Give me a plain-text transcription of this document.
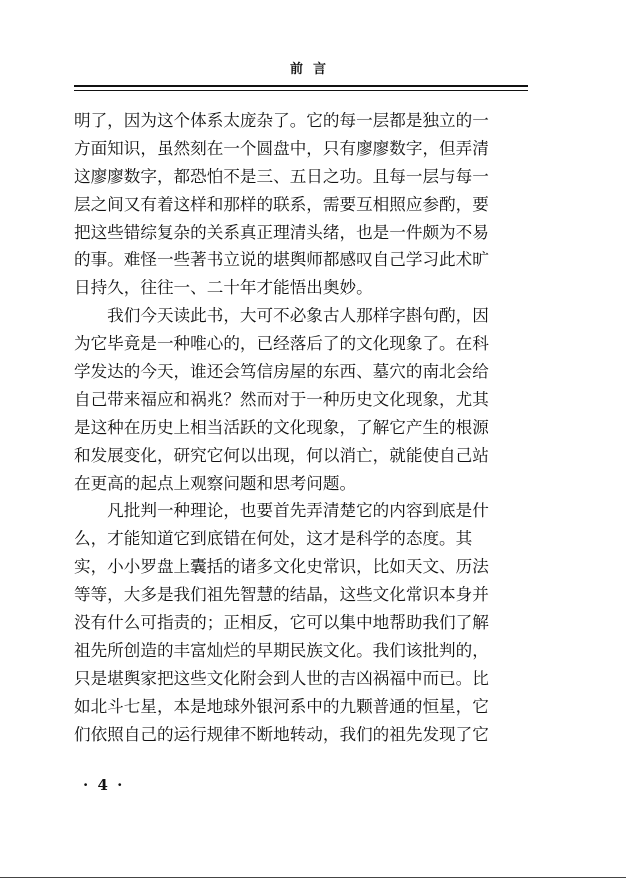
前言
明了，因为这个体系太庞杂了。它的每一层都是独立的一
方面知识，虽然刻在一个圆盘中，只有廖廖数字，但弄清
这廖廖数字，都恐怕不是三、五日之功。且每一层与每一
层之间又有着这样和那样的联系，需要互相照应参酌，要
把这些错综复杂的关系真正理清头绪，也是一件颇为不易
的事。难怪一些著书立说的堪舆师都感叹自己学习此术旷
日持久，往往一、二十年才能悟出奥妙。
　　我们今天读此书，大可不必象古人那样字斟句酌，因
为它毕竟是一种唯心的，已经落后了的文化现象了。在科
学发达的今天，谁还会笃信房屋的东西、墓穴的南北会给
自己带来福应和祸兆？然而对于一种历史文化现象，尤其
是这种在历史上相当活跃的文化现象，了解它产生的根源
和发展变化，研究它何以出现，何以消亡，就能使自己站
在更高的起点上观察问题和思考问题。
　　凡批判一种理论，也要首先弄清楚它的内容到底是什
么，才能知道它到底错在何处，这才是科学的态度。其
实，小小罗盘上囊括的诸多文化史常识，比如天文、历法
等等，大多是我们祖先智慧的结晶，这些文化常识本身并
没有什么可指责的；正相反，它可以集中地帮助我们了解
祖先所创造的丰富灿烂的早期民族文化。我们该批判的，
只是堪舆家把这些文化附会到人世的吉凶祸福中而已。比
如北斗七星，本是地球外银河系中的九颗普通的恒星，它
们依照自己的运行规律不断地转动，我们的祖先发现了它
· 4 ·
